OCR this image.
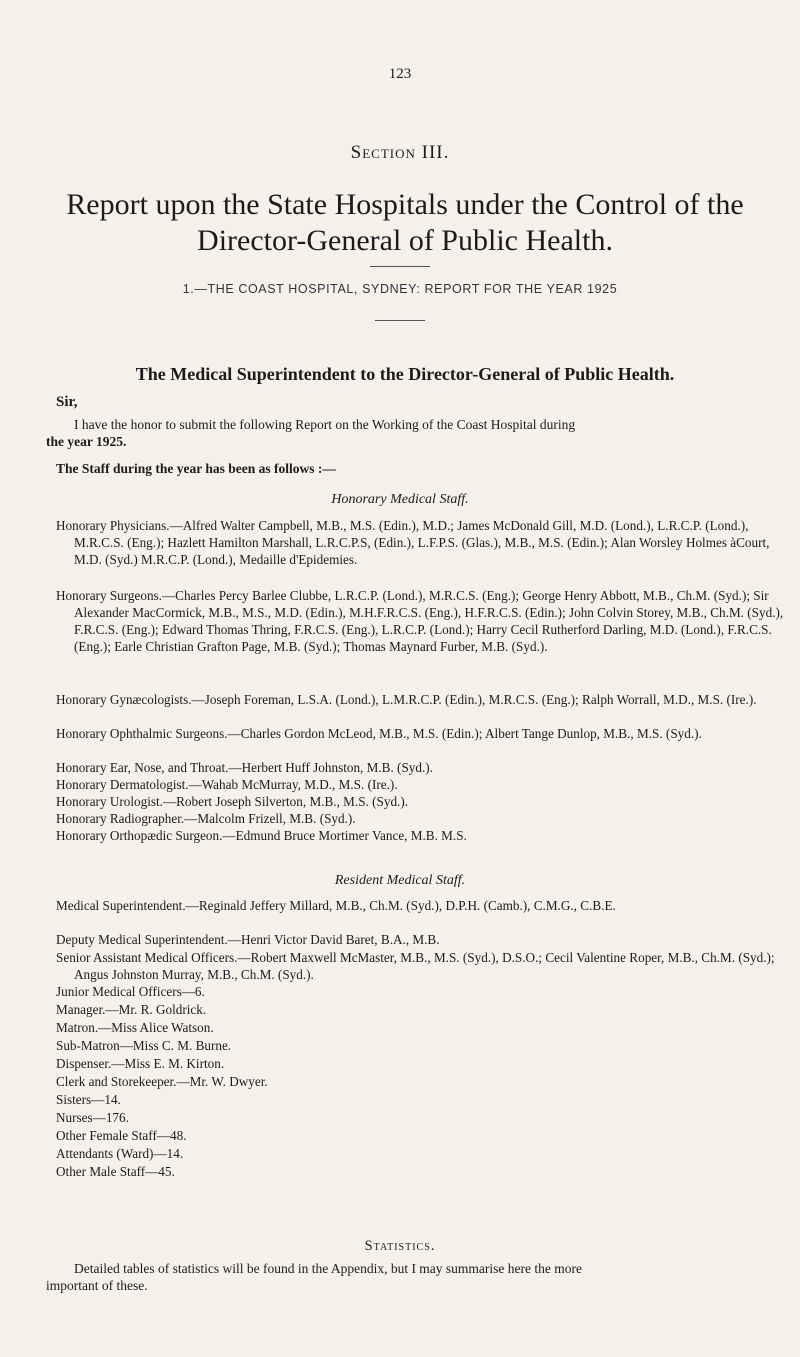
123
Section III.
Report upon the State Hospitals under the Control of the Director-General of Public Health.
1.—THE COAST HOSPITAL, SYDNEY: REPORT FOR THE YEAR 1925
The Medical Superintendent to the Director-General of Public Health.
Sir,
I have the honor to submit the following Report on the Working of the Coast Hospital during
the year 1925.
The Staff during the year has been as follows :—
Honorary Medical Staff.
Honorary Physicians.—Alfred Walter Campbell, M.B., M.S. (Edin.), M.D.; James McDonald Gill, M.D. (Lond.), L.R.C.P. (Lond.), M.R.C.S. (Eng.); Hazlett Hamilton Marshall, L.R.C.P.S, (Edin.), L.F.P.S. (Glas.), M.B., M.S. (Edin.); Alan Worsley Holmes àCourt, M.D. (Syd.) M.R.C.P. (Lond.), Medaille d'Epidemies.
Honorary Surgeons.—Charles Percy Barlee Clubbe, L.R.C.P. (Lond.), M.R.C.S. (Eng.); George Henry Abbott, M.B., Ch.M. (Syd.); Sir Alexander MacCormick, M.B., M.S., M.D. (Edin.), M.H.F.R.C.S. (Eng.), H.F.R.C.S. (Edin.); John Colvin Storey, M.B., Ch.M. (Syd.), F.R.C.S. (Eng.); Edward Thomas Thring, F.R.C.S. (Eng.), L.R.C.P. (Lond.); Harry Cecil Rutherford Darling, M.D. (Lond.), F.R.C.S. (Eng.); Earle Christian Grafton Page, M.B. (Syd.); Thomas Maynard Furber, M.B. (Syd.).
Honorary Gynæcologists.—Joseph Foreman, L.S.A. (Lond.), L.M.R.C.P. (Edin.), M.R.C.S. (Eng.); Ralph Worrall, M.D., M.S. (Ire.).
Honorary Ophthalmic Surgeons.—Charles Gordon McLeod, M.B., M.S. (Edin.); Albert Tange Dunlop, M.B., M.S. (Syd.).
Honorary Ear, Nose, and Throat.—Herbert Huff Johnston, M.B. (Syd.).
Honorary Dermatologist.—Wahab McMurray, M.D., M.S. (Ire.).
Honorary Urologist.—Robert Joseph Silverton, M.B., M.S. (Syd.).
Honorary Radiographer.—Malcolm Frizell, M.B. (Syd.).
Honorary Orthopædic Surgeon.—Edmund Bruce Mortimer Vance, M.B. M.S.
Resident Medical Staff.
Medical Superintendent.—Reginald Jeffery Millard, M.B., Ch.M. (Syd.), D.P.H. (Camb.), C.M.G., C.B.E.
Deputy Medical Superintendent.—Henri Victor David Baret, B.A., M.B.
Senior Assistant Medical Officers.—Robert Maxwell McMaster, M.B., M.S. (Syd.), D.S.O.; Cecil Valentine Roper, M.B., Ch.M. (Syd.); Angus Johnston Murray, M.B., Ch.M. (Syd.).
Junior Medical Officers—6.
Manager.—Mr. R. Goldrick.
Matron.—Miss Alice Watson.
Sub-Matron—Miss C. M. Burne.
Dispenser.—Miss E. M. Kirton.
Clerk and Storekeeper.—Mr. W. Dwyer.
Sisters—14.
Nurses—176.
Other Female Staff—48.
Attendants (Ward)—14.
Other Male Staff—45.
Statistics.
Detailed tables of statistics will be found in the Appendix, but I may summarise here the more
important of these.
